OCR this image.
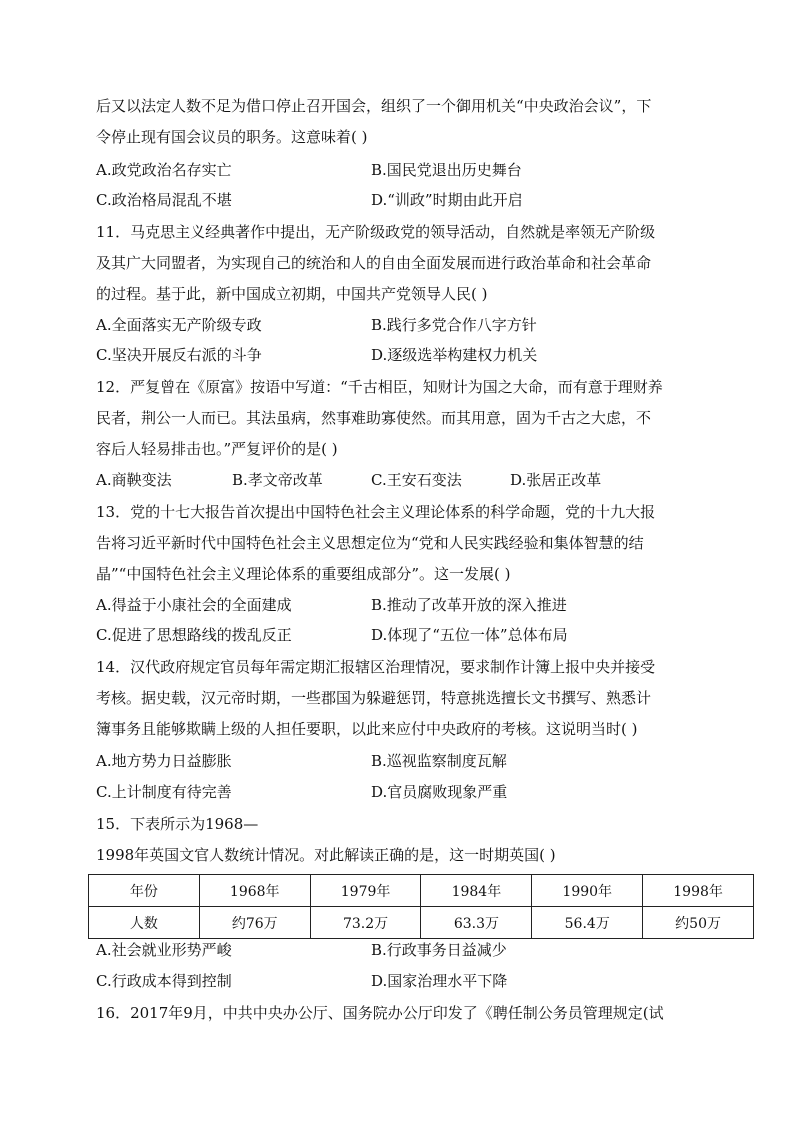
后又以法定人数不足为借口停止召开国会，组织了一个御用机关“中央政治会议”，下
令停止现有国会议员的职务。这意味着( )
A.政党政治名存实亡	B.国民党退出历史舞台
C.政治格局混乱不堪	D.“训政”时期由此开启
11．马克思主义经典著作中提出，无产阶级政党的领导活动，自然就是率领无产阶级
及其广大同盟者，为实现自己的统治和人的自由全面发展而进行政治革命和社会革命
的过程。基于此，新中国成立初期，中国共产党领导人民( )
A.全面落实无产阶级专政	B.践行多党合作八字方针
C.坚决开展反右派的斗争	D.逐级选举构建权力机关
12．严复曾在《原富》按语中写道：“千古相臣，知财计为国之大命，而有意于理财养
民者，荆公一人而已。其法虽病，然事难助寡使然。而其用意，固为千古之大虑，不
容后人轻易排击也。”严复评价的是( )
A.商鞅变法	B.孝文帝改革	C.王安石变法	D.张居正改革
13．党的十七大报告首次提出中国特色社会主义理论体系的科学命题，党的十九大报
告将习近平新时代中国特色社会主义思想定位为“党和人民实践经验和集体智慧的结
晶”“中国特色社会主义理论体系的重要组成部分”。这一发展( )
A.得益于小康社会的全面建成	B.推动了改革开放的深入推进
C.促进了思想路线的拨乱反正	D.体现了“五位一体”总体布局
14．汉代政府规定官员每年需定期汇报辖区治理情况，要求制作计簿上报中央并接受
考核。据史载，汉元帝时期，一些郡国为躲避惩罚，特意挑选擅长文书撰写、熟悉计
簿事务且能够欺瞒上级的人担任要职，以此来应付中央政府的考核。这说明当时( )
A.地方势力日益膨胀	B.巡视监察制度瓦解
C.上计制度有待完善	D.官员腐败现象严重
15．下表所示为1968—
1998年英国文官人数统计情况。对此解读正确的是，这一时期英国( )
年份	1968年	1979年	1984年	1990年	1998年
人数	约76万	73.2万	63.3万	56.4万	约50万
A.社会就业形势严峻	B.行政事务日益减少
C.行政成本得到控制	D.国家治理水平下降
16．2017年9月，中共中央办公厅、国务院办公厅印发了《聘任制公务员管理规定(试
